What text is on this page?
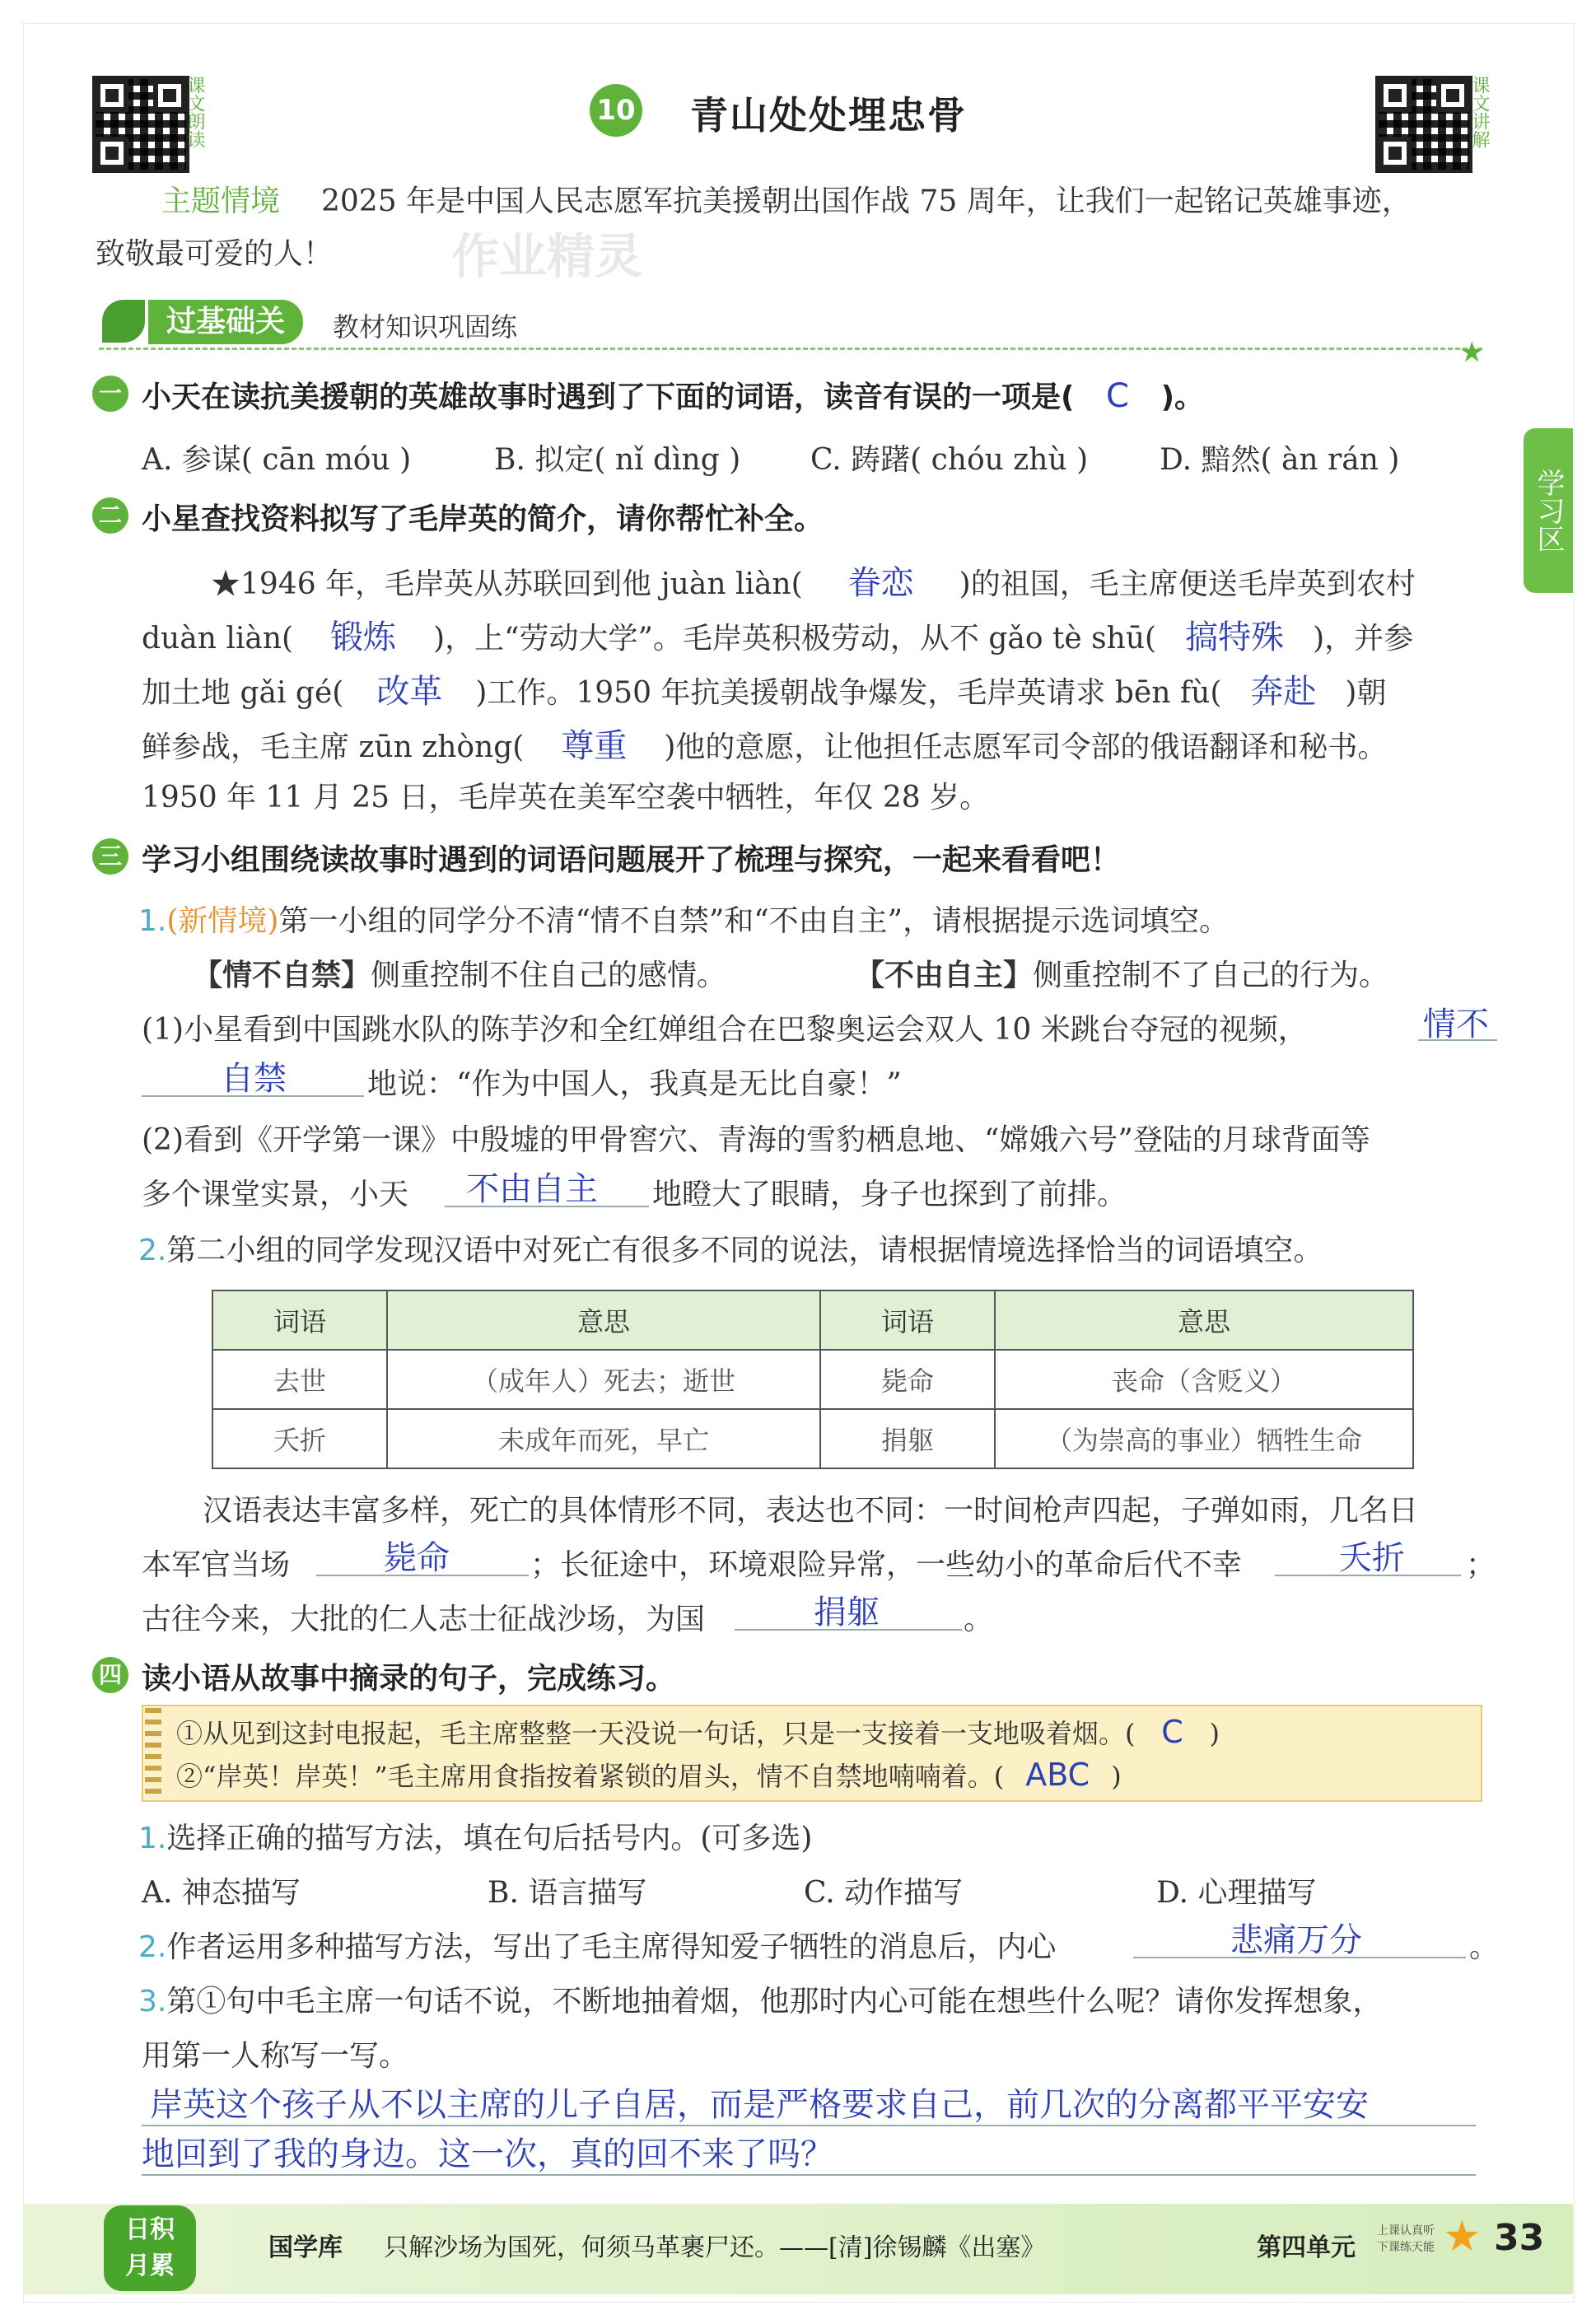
课文朗读	10 青山处处埋忠骨	课文讲解
主题情境 2025 年是中国人民志愿军抗美援朝出国作战 75 周年，让我们一起铭记英雄事迹，
致敬最可爱的人！ 作业精灵
过基础关	教材知识巩固练
★
学习区
一 小天在读抗美援朝的英雄故事时遇到了下面的词语，读音有误的一项是( C )。
A. 参谋( cān móu )	B. 拟定( nǐ dìng ) C. 踌躇( chóu zhù ) D. 黯然( àn rán )
二 小星查找资料拟写了毛岸英的简介，请你帮忙补全。
★1946 年，毛岸英从苏联回到他 juàn liàn( 眷恋 )的祖国，毛主席便送毛岸英到农村
duàn liàn( 锻炼 )，上“劳动大学”。毛岸英积极劳动，从不 gǎo tè shū( 搞特殊 )，并参
加土地 gǎi gé( 改革 )工作。1950 年抗美援朝战争爆发，毛岸英请求 bēn fù( 奔赴 )朝
鲜参战，毛主席 zūn zhòng( 尊重 )他的意愿，让他担任志愿军司令部的俄语翻译和秘书。
1950 年 11 月 25 日，毛岸英在美军空袭中牺牲，年仅 28 岁。
三 学习小组围绕读故事时遇到的词语问题展开了梳理与探究，一起来看看吧！
1.(新情境)第一小组的同学分不清“情不自禁”和“不由自主”，请根据提示选词填空。
【情不自禁】侧重控制不住自己的感情。	【不由自主】侧重控制不了自己的行为。
(1)小星看到中国跳水队的陈芋汐和全红婵组合在巴黎奥运会双人 10 米跳台夺冠的视频，	情不
自禁	地说：“作为中国人，我真是无比自豪！”
(2)看到《开学第一课》中殷墟的甲骨窖穴、青海的雪豹栖息地、“嫦娥六号”登陆的月球背面等
多个课堂实景，小天 不由自主 地瞪大了眼睛，身子也探到了前排。
2.第二小组的同学发现汉语中对死亡有很多不同的说法，请根据情境选择恰当的词语填空。
词语	意思	词语	意思
去世	（成年人）死去；逝世	毙命	丧命（含贬义）
夭折	未成年而死，早亡	捐躯	（为崇高的事业）牺牲生命
汉语表达丰富多样，死亡的具体情形不同，表达也不同：一时间枪声四起，子弹如雨，几名日
本军官当场	毙命	；长征途中，环境艰险异常，一些幼小的革命后代不幸	夭折 ；
古往今来，大批的仁人志士征战沙场，为国	捐躯	。
四 读小语从故事中摘录的句子，完成练习。
①从见到这封电报起，毛主席整整一天没说一句话，只是一支接着一支地吸着烟。( C )
②“岸英！岸英！”毛主席用食指按着紧锁的眉头，情不自禁地喃喃着。( ABC )
1.选择正确的描写方法，填在句后括号内。(可多选)
A. 神态描写	B. 语言描写	C. 动作描写	D. 心理描写
2.作者运用多种描写方法，写出了毛主席得知爱子牺牲的消息后，内心	悲痛万分	。
3.第①句中毛主席一句话不说，不断地抽着烟，他那时内心可能在想些什么呢？请你发挥想象，
用第一人称写一写。
岸英这个孩子从不以主席的儿子自居，而是严格要求自己，前几次的分离都平平安安
地回到了我的身边。这一次，真的回不来了吗？
日积
月累
国学库 只解沙场为国死，何须马革裹尸还。——[清]徐锡麟《出塞》	第四单元
上课认真听
下课练天能 ★ 33
